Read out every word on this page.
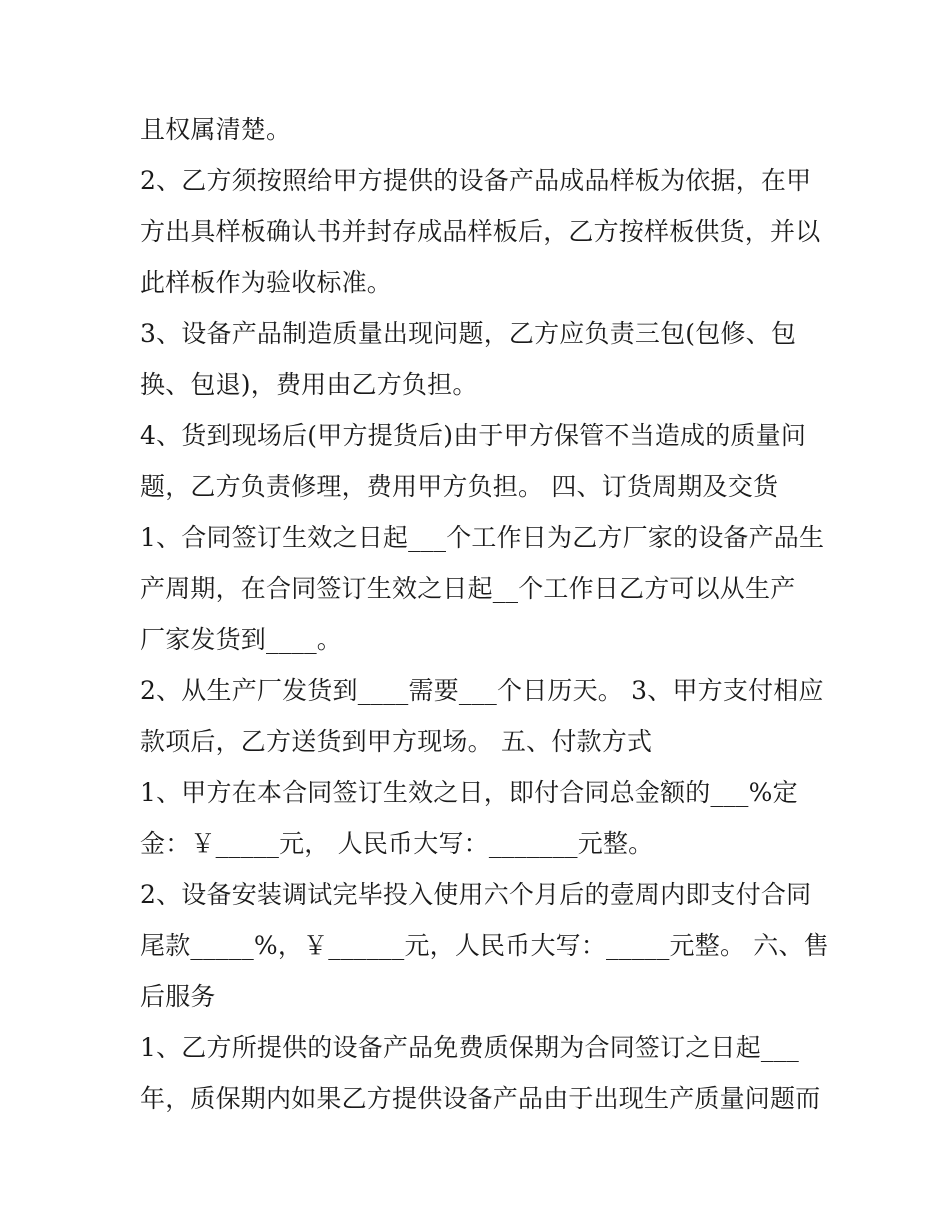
且权属清楚。
2、乙方须按照给甲方提供的设备产品成品样板为依据，在甲
方出具样板确认书并封存成品样板后，乙方按样板供货，并以
此样板作为验收标准。
3、设备产品制造质量出现问题，乙方应负责三包(包修、包
换、包退)，费用由乙方负担。
4、货到现场后(甲方提货后)由于甲方保管不当造成的质量问
题，乙方负责修理，费用甲方负担。 四、订货周期及交货
1、合同签订生效之日起___个工作日为乙方厂家的设备产品生
产周期，在合同签订生效之日起__个工作日乙方可以从生产
厂家发货到____。
2、从生产厂发货到____需要___个日历天。 3、甲方支付相应
款项后，乙方送货到甲方现场。 五、付款方式
1、甲方在本合同签订生效之日，即付合同总金额的___%定
金：￥_____元， 人民币大写：_______元整。
2、设备安装调试完毕投入使用六个月后的壹周内即支付合同
尾款_____%，￥______元，人民币大写：_____元整。 六、售
后服务
1、乙方所提供的设备产品免费质保期为合同签订之日起___
年，质保期内如果乙方提供设备产品由于出现生产质量问题而
